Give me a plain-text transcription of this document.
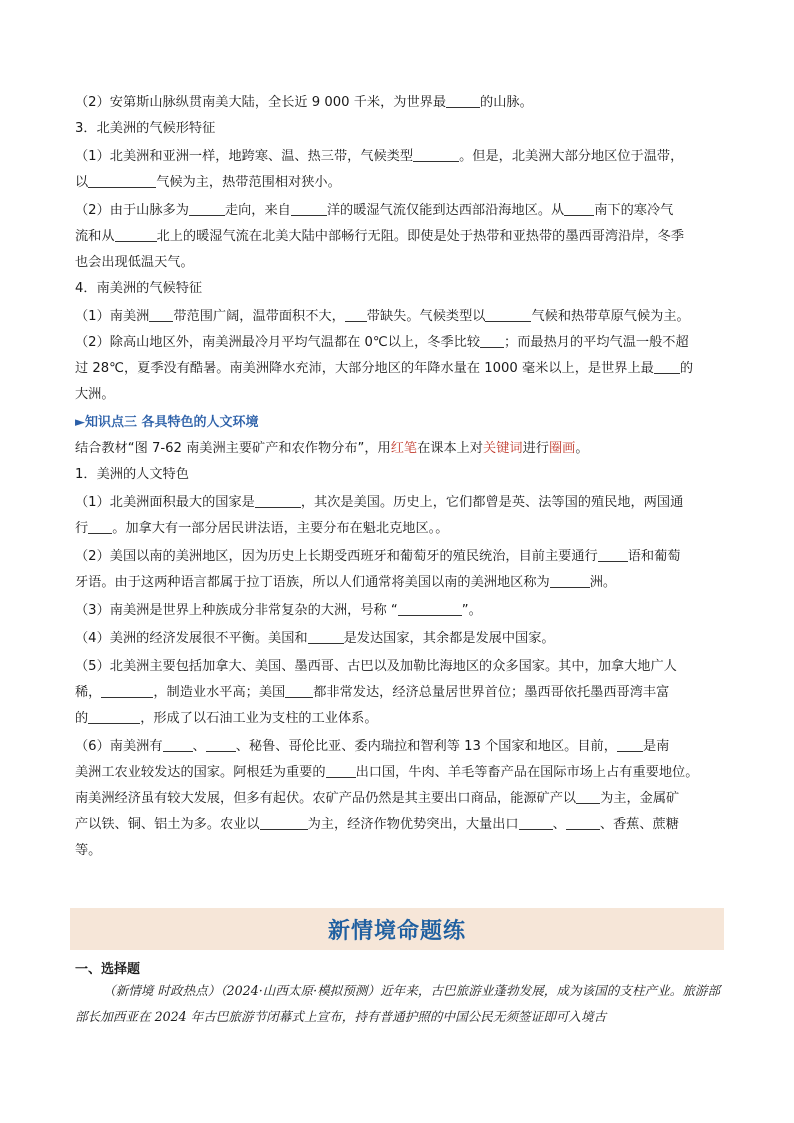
（2）安第斯山脉纵贯南美大陆，全长近 9 000 千米，为世界最	的山脉。
3．北美洲的气候形特征
（1）北美洲和亚洲一样，地跨寒、温、热三带，气候类型	。但是，北美洲大部分地区位于温带，
以	气候为主，热带范围相对狭小。
（2）由于山脉多为	走向，来自	洋的暖湿气流仅能到达西部沿海地区。从 南下的寒冷气
流和从	北上的暖湿气流在北美大陆中部畅行无阻。即使是处于热带和亚热带的墨西哥湾沿岸，冬季
也会出现低温天气。
4．南美洲的气候特征
（1）南美洲 带范围广阔，温带面积不大， 带缺失。气候类型以	气候和热带草原气候为主。
（2）除高山地区外，南美洲最冷月平均气温都在 0℃以上，冬季比较 ；而最热月的平均气温一般不超
过 28℃，夏季没有酷暑。南美洲降水充沛，大部分地区的年降水量在 1000 毫米以上，是世界上最 的
大洲。
►知识点三 各具特色的人文环境
结合教材“图 7-62 南美洲主要矿产和农作物分布”，用红笔在课本上对关键词进行圈画。
1．美洲的人文特色
（1）北美洲面积最大的国家是	，其次是美国。历史上，它们都曾是英、法等国的殖民地，两国通
行 。加拿大有一部分居民讲法语，主要分布在魁北克地区。。
（2）美国以南的美洲地区，因为历史上长期受西班牙和葡萄牙的殖民统治，目前主要通行 语和葡萄
牙语。由于这两种语言都属于拉丁语族，所以人们通常将美国以南的美洲地区称为	洲。
（3）南美洲是世界上种族成分非常复杂的大洲，号称 “	”。
（4）美洲的经济发展很不平衡。美国和	是发达国家，其余都是发展中国家。
（5）北美洲主要包括加拿大、美国、墨西哥、古巴以及加勒比海地区的众多国家。其中，加拿大地广人
稀，	，制造业水平高；美国 都非常发达，经济总量居世界首位；墨西哥依托墨西哥湾丰富
的	，形成了以石油工业为支柱的工业体系。
（6）南美洲有 、 、秘鲁、哥伦比亚、委内瑞拉和智利等 13 个国家和地区。目前， 是南
美洲工农业较发达的国家。阿根廷为重要的 出口国，牛肉、羊毛等畜产品在国际市场上占有重要地位。
南美洲经济虽有较大发展，但多有起伏。农矿产品仍然是其主要出口商品，能源矿产以 为主，金属矿
产以铁、铜、铝土为多。农业以	为主，经济作物优势突出，大量出口	、	、香蕉、蔗糖
等。
新情境命题练
一、选择题
（新情境 时政热点）（2024·山西太原·模拟预测）近年来，古巴旅游业蓬勃发展，成为该国的支柱产业。旅游部部长加西亚在 2024 年古巴旅游节闭幕式上宣布，持有普通护照的中国公民无须签证即可入境古
